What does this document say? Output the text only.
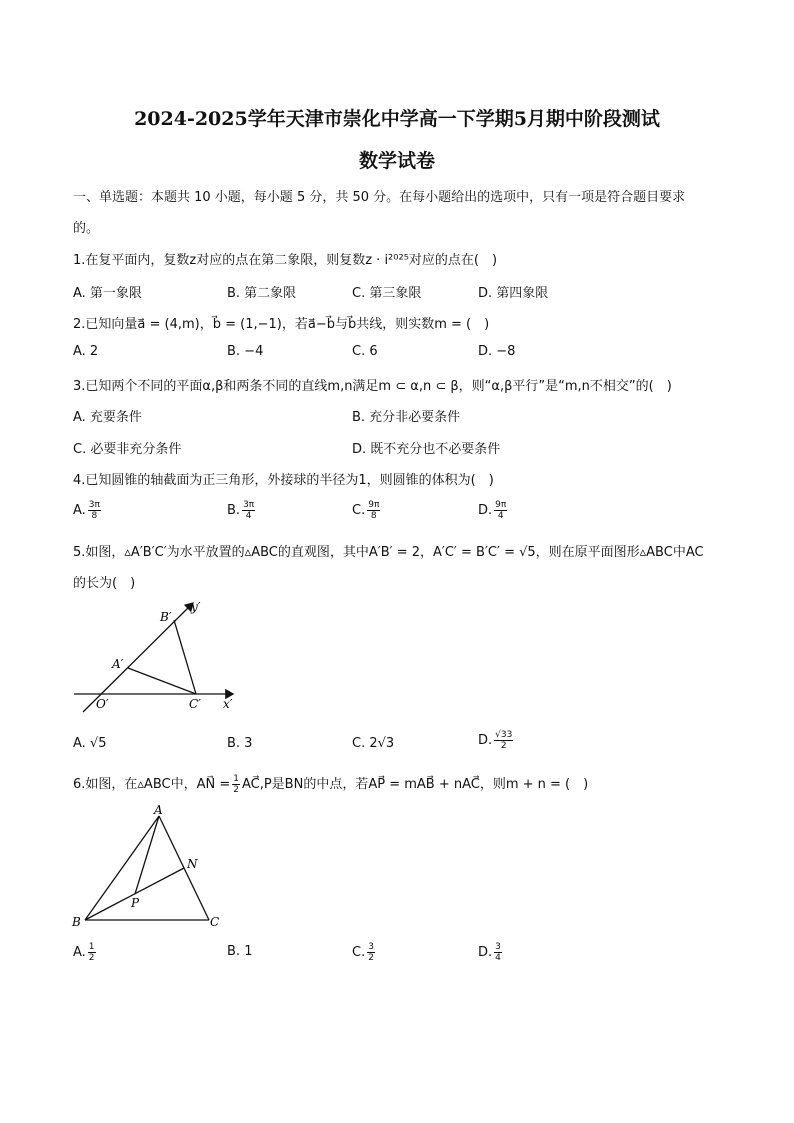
2024-2025学年天津市崇化中学高一下学期5月期中阶段测试
数学试卷
一、单选题：本题共 10 小题，每小题 5 分，共 50 分。在每小题给出的选项中，只有一项是符合题目要求
的。
1.在复平面内，复数z对应的点在第二象限，则复数z · i²⁰²⁵对应的点在(　)
A. 第一象限	B. 第二象限	C. 第三象限	D. 第四象限
2.已知向量a⃗ = (4,m)，b⃗ = (1,−1)，若a⃗−b⃗与b⃗共线，则实数m = (　)
A. 2	B. −4	C. 6	D. −8
3.已知两个不同的平面α,β和两条不同的直线m,n满足m ⊂ α,n ⊂ β，则“α,β平行”是“m,n不相交”的(　)
A. 充要条件	B. 充分非必要条件
C. 必要非充分条件	D. 既不充分也不必要条件
4.已知圆锥的轴截面为正三角形，外接球的半径为1，则圆锥的体积为(　)
A. $\frac{3\pi}{8}$	B. $\frac{3\pi}{4}$	C. $\frac{9\pi}{8}$	D. $\frac{9\pi}{4}$
5.如图，▵A′B′C′为水平放置的▵ABC的直观图，其中A′B′ = 2，A′C′ = B′C′ = √5，则在原平面图形▵ABC中AC
的长为(　)
B′
y′
A′
O′	C′ x′
A. √5	B. 3	C. 2√3	D. $\frac{√33}{2}$
6.如图，在▵ABC中，AN⃗ = $\frac{1}{2}$ AC⃗,P是BN的中点，若AP⃗ = mAB⃗ + nAC⃗，则m + n = (　)
A
N
P
B	C
A. $\frac{1}{2}$	B. 1	C. $\frac{3}{2}$	D. $\frac{3}{4}$
